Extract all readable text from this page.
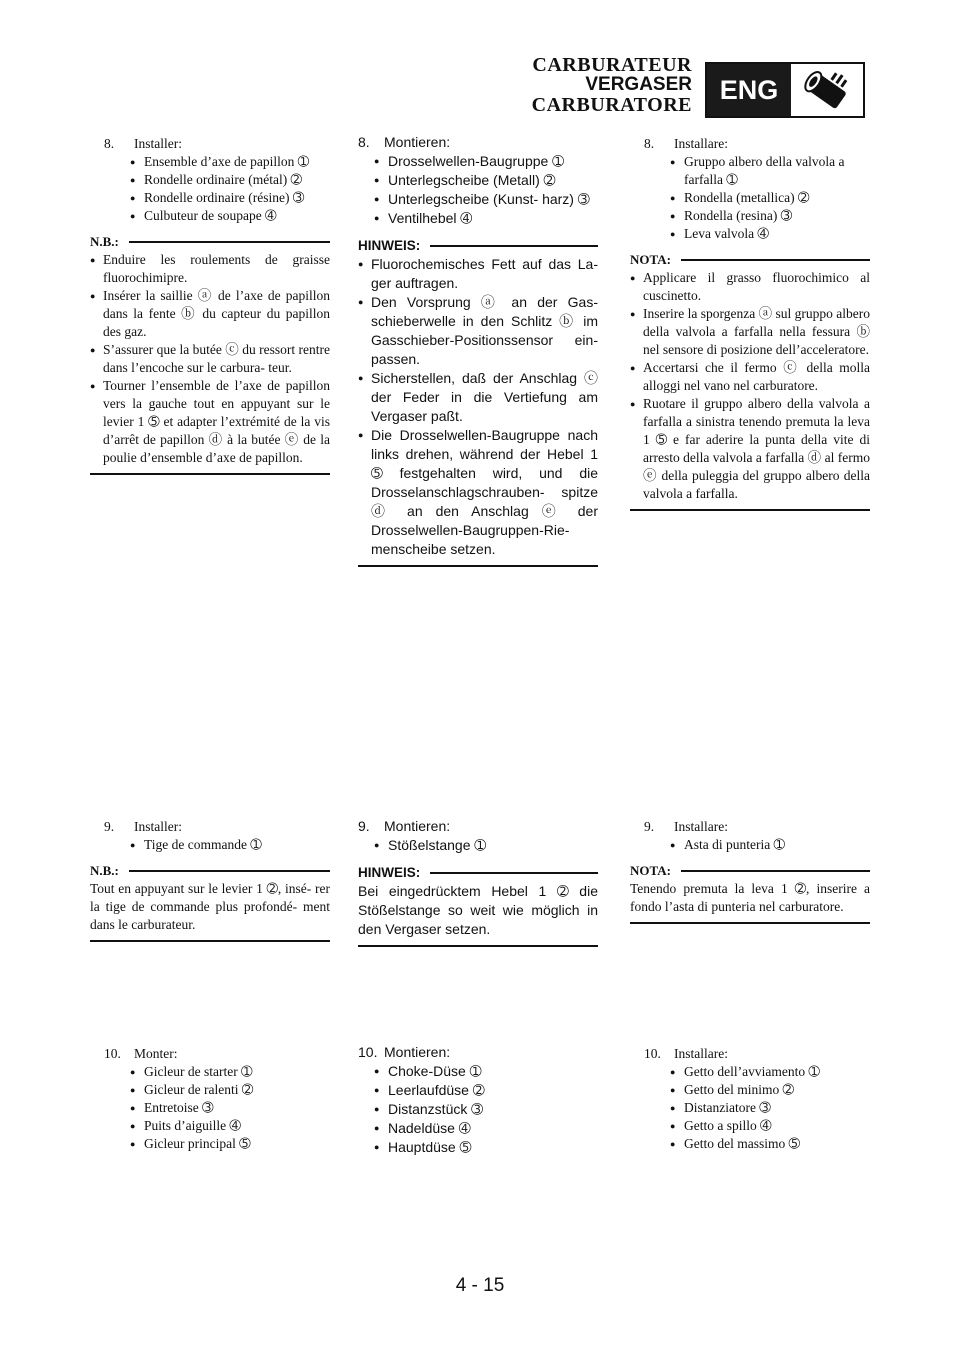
CARBURATEUR
VERGASER
CARBURATORE
ENG
8.	Installer:
● Ensemble d’axe de papillon ➀
● Rondelle ordinaire (métal) ➁
● Rondelle ordinaire (résine) ➂
● Culbuteur de soupape ➃
N.B.:
● Enduire les roulements de graisse fluorochimipre.
● Insérer la saillie ⓐ de l’axe de papillon dans la fente ⓑ du capteur du papillon des gaz.
● S’assurer que la butée ⓒ du ressort rentre dans l’encoche sur le carbura- teur.
● Tourner l’ensemble de l’axe de papillon vers la gauche tout en appuyant sur le levier 1 ➄ et adapter l’extrémité de la vis d’arrêt de papillon ⓓ à la butée ⓔ de la poulie d’ensemble d’axe de papillon.
9.	Installer:
● Tige de commande ➀
N.B.:
Tout en appuyant sur le levier 1 ➁, insé- rer la tige de commande plus profondé- ment dans le carburateur.
10. Monter:
● Gicleur de starter ➀
● Gicleur de ralenti ➁
● Entretoise ➂
● Puits d’aiguille ➃
● Gicleur principal ➄
8.	Montieren:
● Drosselwellen-Baugruppe ➀
● Unterlegscheibe (Metall) ➁
● Unterlegscheibe (Kunst- harz) ➂
● Ventilhebel ➃
HINWEIS:
● Fluorochemisches Fett auf das La- ger auftragen.
● Den Vorsprung ⓐ an der Gas- schieberwelle in den Schlitz ⓑ im Gasschieber-Positionssensor ein- passen.
● Sicherstellen, daß der Anschlag ⓒ der Feder in die Vertiefung am Vergaser paßt.
● Die Drosselwellen-Baugruppe nach links drehen, während der Hebel 1 ➄ festgehalten wird, und die Drosselanschlagschrauben- spitze ⓓ an den Anschlag ⓔ der Drosselwellen-Baugruppen-Rie- menscheibe setzen.
9.	Montieren:
● Stößelstange ➀
HINWEIS:
Bei eingedrücktem Hebel 1 ➁ die Stößelstange so weit wie möglich in den Vergaser setzen.
10. Montieren:
● Choke-Düse ➀
● Leerlaufdüse ➁
● Distanzstück ➂
● Nadeldüse ➃
● Hauptdüse ➄
8.	Installare:
● Gruppo albero della valvola a farfalla ➀
● Rondella (metallica) ➁
● Rondella (resina) ➂
● Leva valvola ➃
NOTA:
● Applicare il grasso fluorochimico al cuscinetto.
● Inserire la sporgenza ⓐ sul gruppo albero della valvola a farfalla nella fessura ⓑ nel sensore di posizione dell’acceleratore.
● Accertarsi che il fermo ⓒ della molla alloggi nel vano nel carburatore.
● Ruotare il gruppo albero della valvola a farfalla a sinistra tenendo premuta la leva 1 ➄ e far aderire la punta della vite di arresto della valvola a farfalla ⓓ al fermo ⓔ della puleggia del gruppo albero della valvola a farfalla.
9.	Installare:
● Asta di punteria ➀
NOTA:
Tenendo premuta la leva 1 ➁, inserire a fondo l’asta di punteria nel carburatore.
10. Installare:
● Getto dell’avviamento ➀
● Getto del minimo ➁
● Distanziatore ➂
● Getto a spillo ➃
● Getto del massimo ➄
4 - 15
